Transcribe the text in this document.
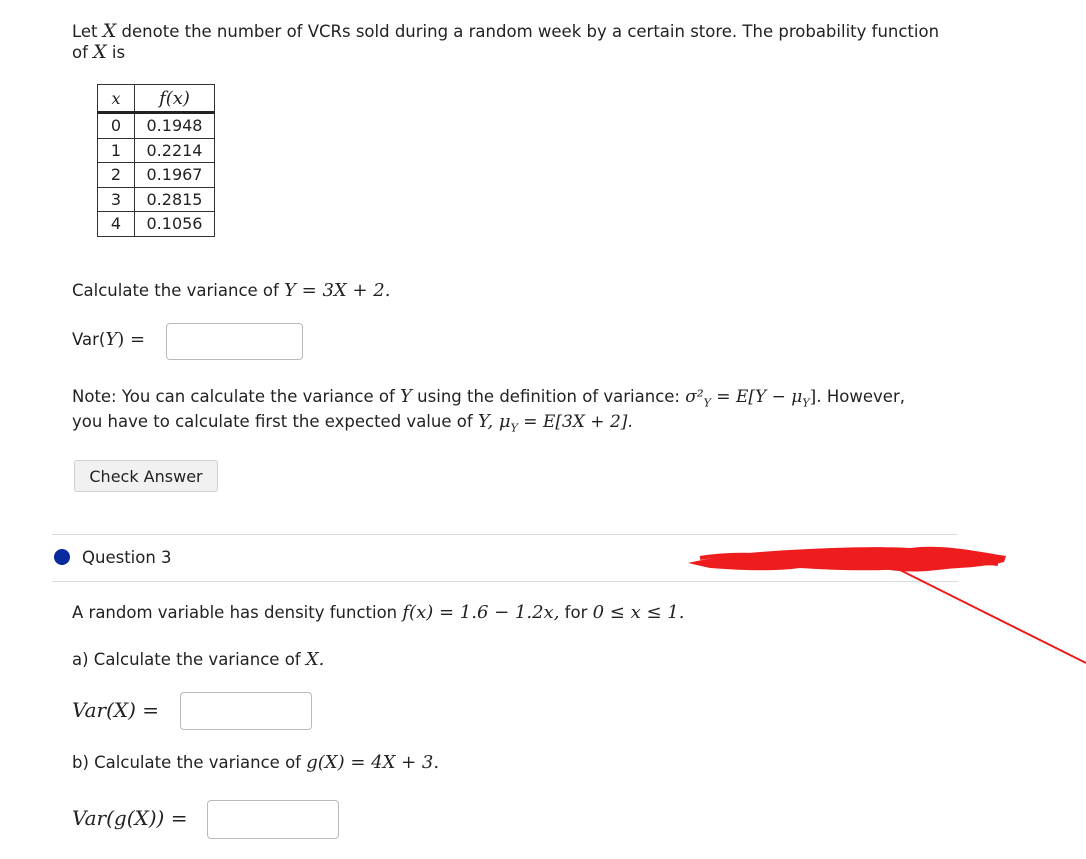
Let X denote the number of VCRs sold during a random week by a certain store. The probability function
of X is
x	f(x)
0	0.1948
1	0.2214
2	0.1967
3	0.2815
4	0.1056
Calculate the variance of Y = 3X + 2.
Var(Y) =
Note: You can calculate the variance of Y using the definition of variance: $\sigma^2_Y = E[Y - \mu_Y]$. However,
you have to calculate first the expected value of Y, $\mu_Y = E[3X + 2]$.
Check Answer
Question 3
A random variable has density function f(x) = 1.6 − 1.2x, for 0 ≤ x ≤ 1.
a) Calculate the variance of X.
Var(X) =
b) Calculate the variance of g(X) = 4X + 3.
Var(g(X)) =
